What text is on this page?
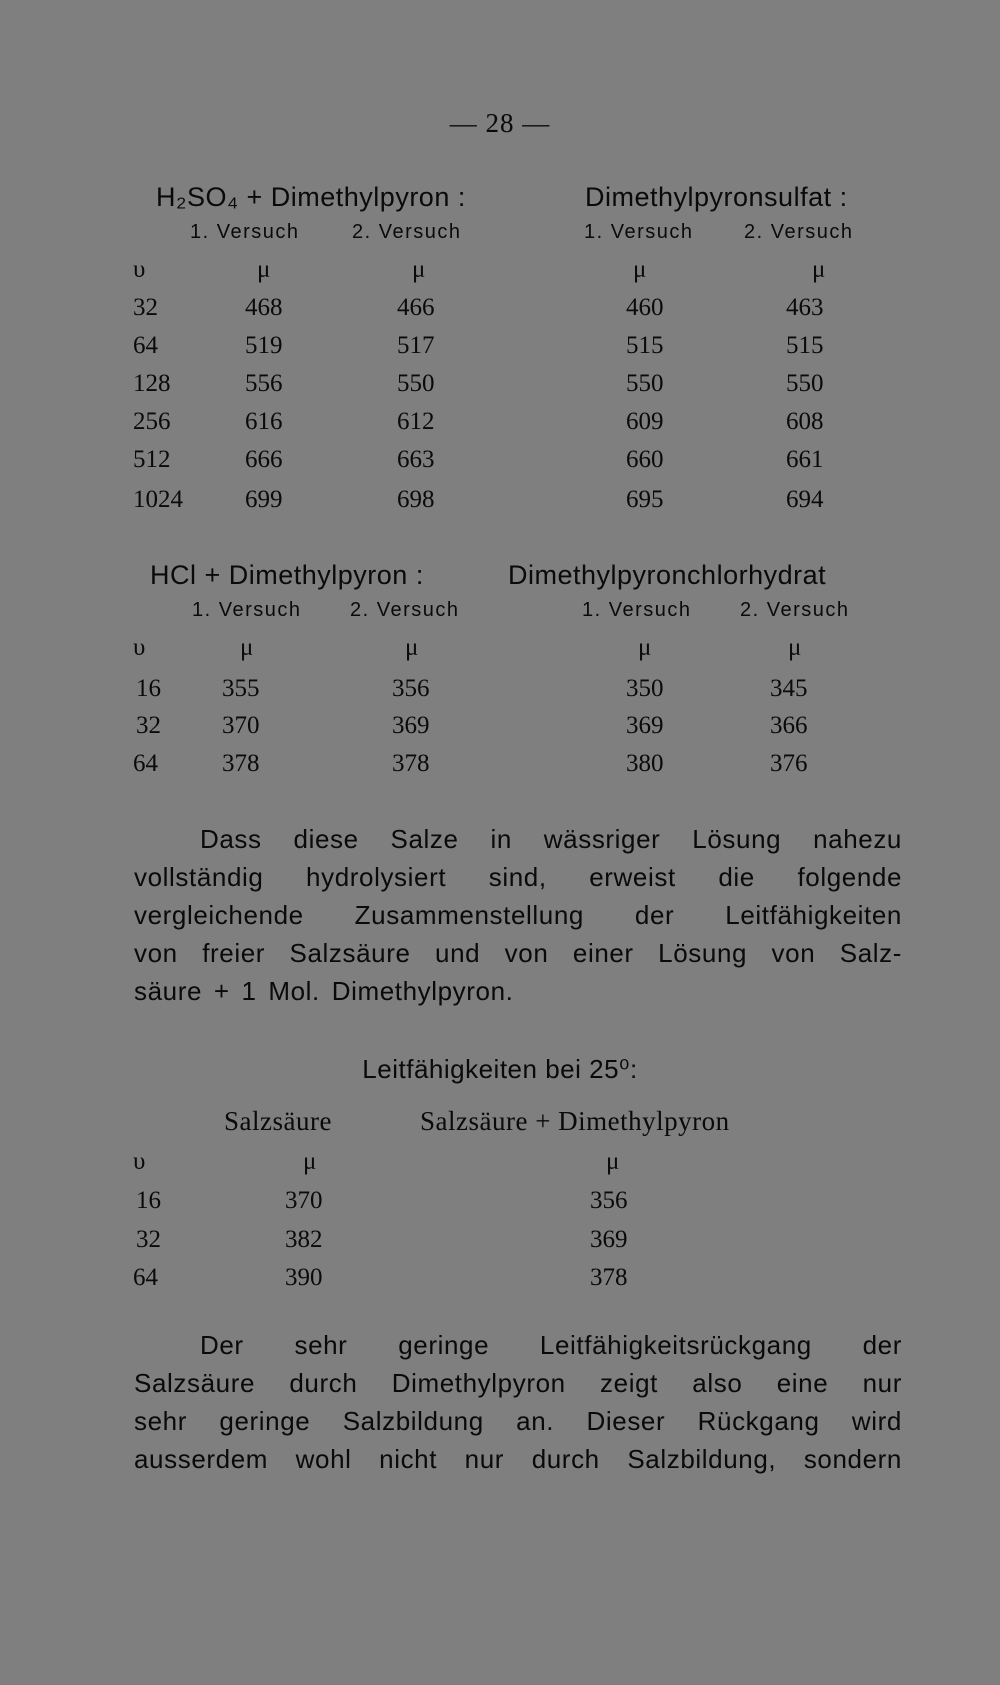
— 28 —
H₂SO₄ + Dimethylpyron :	Dimethylpyronsulfat :
1. Versuch	2. Versuch	1. Versuch	2. Versuch
υ	μ	μ	μ	μ
32	468	466	460	463
64	519	517	515	515
128	556	550	550	550
256	616	612	609	608
512	666	663	660	661
1024 699	698	695	694
HCl + Dimethylpyron :	Dimethylpyronchlorhydrat
1. Versuch 2. Versuch	1. Versuch 2. Versuch
υ	μ	μ	μ	μ
16 355	356	350	345
32 370	369	369	366
64	378	378	380	376
Dass diese Salze in wässriger Lösung nahezu
vollständig hydrolysiert sind, erweist die folgende
vergleichende Zusammenstellung der Leitfähigkeiten
von freier Salzsäure und von einer Lösung von Salz-
säure + 1 Mol. Dimethylpyron.
Leitfähigkeiten bei 25⁰:
Salzsäure	Salzsäure + Dimethylpyron
υ	μ	μ
16	370	356
32	382	369
64	390	378
Der sehr geringe Leitfähigkeitsrückgang der
Salzsäure durch Dimethylpyron zeigt also eine nur
sehr geringe Salzbildung an. Dieser Rückgang wird
ausserdem wohl nicht nur durch Salzbildung, sondern
